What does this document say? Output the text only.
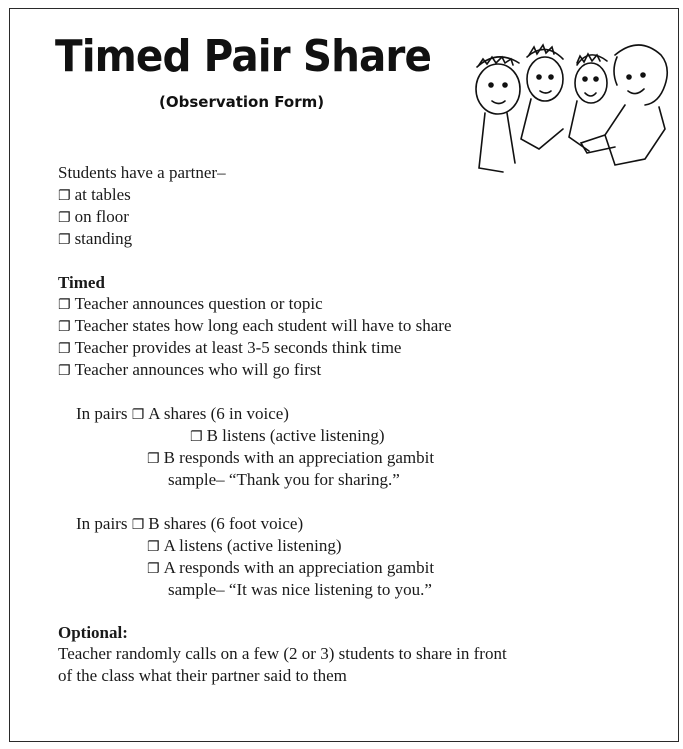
Timed Pair Share
(Observation Form)
Students have a partner–
❐ at tables
❐ on floor
❐ standing
Timed
❐ Teacher announces question or topic
❐ Teacher states how long each student will have to share
❐ Teacher provides at least 3-5 seconds think time
❐ Teacher announces who will go first
In pairs ❐ A shares (6 in voice)
❐ B listens (active listening)
❐ B responds with an appreciation gambit
sample– “Thank you for sharing.”
In pairs ❐ B shares (6 foot voice)
❐ A listens (active listening)
❐ A responds with an appreciation gambit
sample– “It was nice listening to you.”
Optional:
Teacher randomly calls on a few (2 or 3) students to share in front
of the class what their partner said to them
